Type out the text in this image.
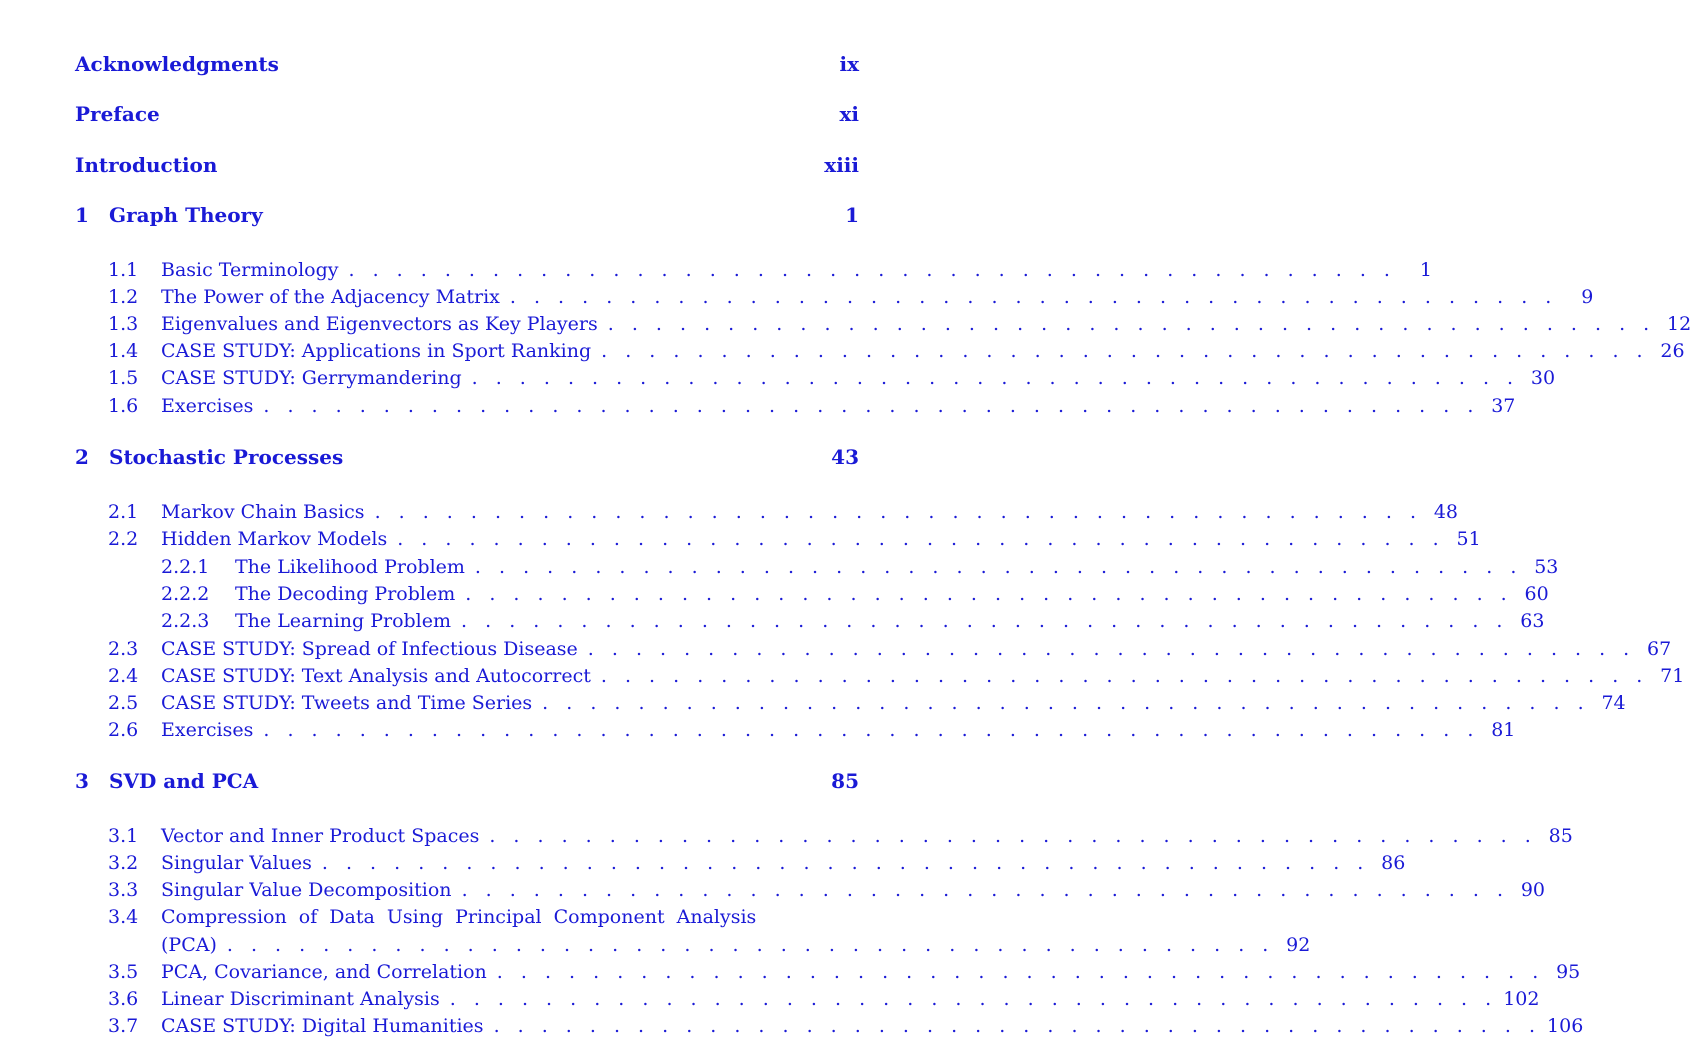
Acknowledgments	ix
Preface	xi
Introduction	xiii
1 Graph Theory	1
1.1	Basic Terminology . . . . . . . . . . . . . . . . . . . . . . . . . . . . . . . . . . . . . . . . . . . .	1
1.2	The Power of the Adjacency Matrix . . . . . . . . . . . . . . . . . . . . . . . . . . . . . . . . . . . . . . . . . . . .	9
1.3	Eigenvalues and Eigenvectors as Key Players . . . . . . . . . . . . . . . . . . . . . . . . . . . . . . . . . . . . . . . . . . . . 12
1.4	CASE STUDY: Applications in Sport Ranking . . . . . . . . . . . . . . . . . . . . . . . . . . . . . . . . . . . . . . . . . . . . 26
1.5	CASE STUDY: Gerrymandering . . . . . . . . . . . . . . . . . . . . . . . . . . . . . . . . . . . . . . . . . . . . 30
1.6	Exercises . . . . . . . . . . . . . . . . . . . . . . . . . . . . . . . . . . . . . . . . . . . . . . . . . . . 37
2 Stochastic Processes	43
2.1	Markov Chain Basics . . . . . . . . . . . . . . . . . . . . . . . . . . . . . . . . . . . . . . . . . . . . 48
2.2	Hidden Markov Models . . . . . . . . . . . . . . . . . . . . . . . . . . . . . . . . . . . . . . . . . . . . 51
2.2.1	The Likelihood Problem . . . . . . . . . . . . . . . . . . . . . . . . . . . . . . . . . . . . . . . . . . . . 53
2.2.2	The Decoding Problem . . . . . . . . . . . . . . . . . . . . . . . . . . . . . . . . . . . . . . . . . . . . 60
2.2.3	The Learning Problem . . . . . . . . . . . . . . . . . . . . . . . . . . . . . . . . . . . . . . . . . . . . 63
2.3	CASE STUDY: Spread of Infectious Disease . . . . . . . . . . . . . . . . . . . . . . . . . . . . . . . . . . . . . . . . . . . . 67
2.4	CASE STUDY: Text Analysis and Autocorrect . . . . . . . . . . . . . . . . . . . . . . . . . . . . . . . . . . . . . . . . . . . . 71
2.5	CASE STUDY: Tweets and Time Series . . . . . . . . . . . . . . . . . . . . . . . . . . . . . . . . . . . . . . . . . . . . 74
2.6	Exercises . . . . . . . . . . . . . . . . . . . . . . . . . . . . . . . . . . . . . . . . . . . . . . . . . . . 81
3 SVD and PCA	85
3.1	Vector and Inner Product Spaces . . . . . . . . . . . . . . . . . . . . . . . . . . . . . . . . . . . . . . . . . . . . 85
3.2	Singular Values . . . . . . . . . . . . . . . . . . . . . . . . . . . . . . . . . . . . . . . . . . . . 86
3.3	Singular Value Decomposition . . . . . . . . . . . . . . . . . . . . . . . . . . . . . . . . . . . . . . . . . . . . 90
3.4	Compression of Data Using Principal Component Analysis
(PCA) . . . . . . . . . . . . . . . . . . . . . . . . . . . . . . . . . . . . . . . . . . . . 92
3.5	PCA, Covariance, and Correlation . . . . . . . . . . . . . . . . . . . . . . . . . . . . . . . . . . . . . . . . . . . . 95
3.6	Linear Discriminant Analysis . . . . . . . . . . . . . . . . . . . . . . . . . . . . . . . . . . . . . . . . . . . . 102
3.7	CASE STUDY: Digital Humanities . . . . . . . . . . . . . . . . . . . . . . . . . . . . . . . . . . . . . . . . . . . . 106
